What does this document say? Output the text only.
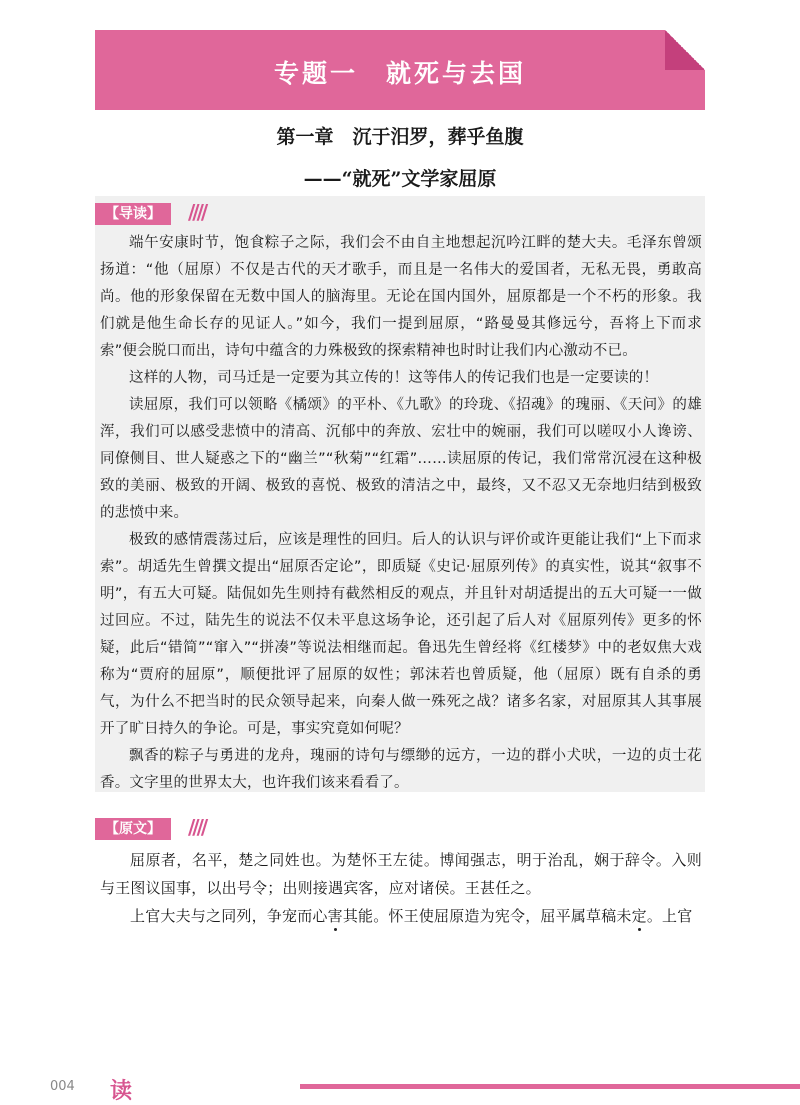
专题一　就死与去国
第一章　沉于汨罗，葬乎鱼腹
——“就死”文学家屈原
【导读】	////

端午安康时节，饱食粽子之际，我们会不由自主地想起沉吟江畔的楚大夫。毛泽东曾颂扬道：“他（屈原）不仅是古代的天才歌手，而且是一名伟大的爱国者，无私无畏，勇敢高尚。他的形象保留在无数中国人的脑海里。无论在国内国外，屈原都是一个不朽的形象。我们就是他生命长存的见证人。”如今，我们一提到屈原，“路曼曼其修远兮，吾将上下而求索”便会脱口而出，诗句中蕴含的力殊极致的探索精神也时时让我们内心激动不已。

这样的人物，司马迁是一定要为其立传的！这等伟人的传记我们也是一定要读的！

读屈原，我们可以领略《橘颂》的平朴、《九歌》的玲珑、《招魂》的瑰丽、《天问》的雄浑，我们可以感受悲愤中的清高、沉郁中的奔放、宏壮中的婉丽，我们可以嗟叹小人谗谤、同僚侧目、世人疑惑之下的“幽兰”“秋菊”“红霜”……读屈原的传记，我们常常沉浸在这种极致的美丽、极致的开阔、极致的喜悦、极致的清洁之中，最终，又不忍又无奈地归结到极致的悲愤中来。

极致的感情震荡过后，应该是理性的回归。后人的认识与评价或许更能让我们“上下而求索”。胡适先生曾撰文提出“屈原否定论”，即质疑《史记·屈原列传》的真实性，说其“叙事不明”，有五大可疑。陆侃如先生则持有截然相反的观点，并且针对胡适提出的五大可疑一一做过回应。不过，陆先生的说法不仅未平息这场争论，还引起了后人对《屈原列传》更多的怀疑，此后“错简”“窜入”“拼凑”等说法相继而起。鲁迅先生曾经将《红楼梦》中的老奴焦大戏称为“贾府的屈原”，顺便批评了屈原的奴性；郭沫若也曾质疑，他（屈原）既有自杀的勇气，为什么不把当时的民众领导起来，向秦人做一殊死之战？诸多名家，对屈原其人其事展开了旷日持久的争论。可是，事实究竟如何呢？

飘香的粽子与勇进的龙舟，瑰丽的诗句与缥缈的远方，一边的群小犬吠，一边的贞士花香。文字里的世界太大，也许我们该来看看了。

【原文】	////

屈原者，名平，楚之同姓也。为楚怀王左徒。博闻强志，明于治乱，娴于辞令。入则与王图议国事，以出号令；出则接遇宾客，应对诸侯。王甚任之。

上官大夫与之同列，争宠而心害其能。怀王使屈原造为宪令，屈平属草稿未定。上官

004 读
